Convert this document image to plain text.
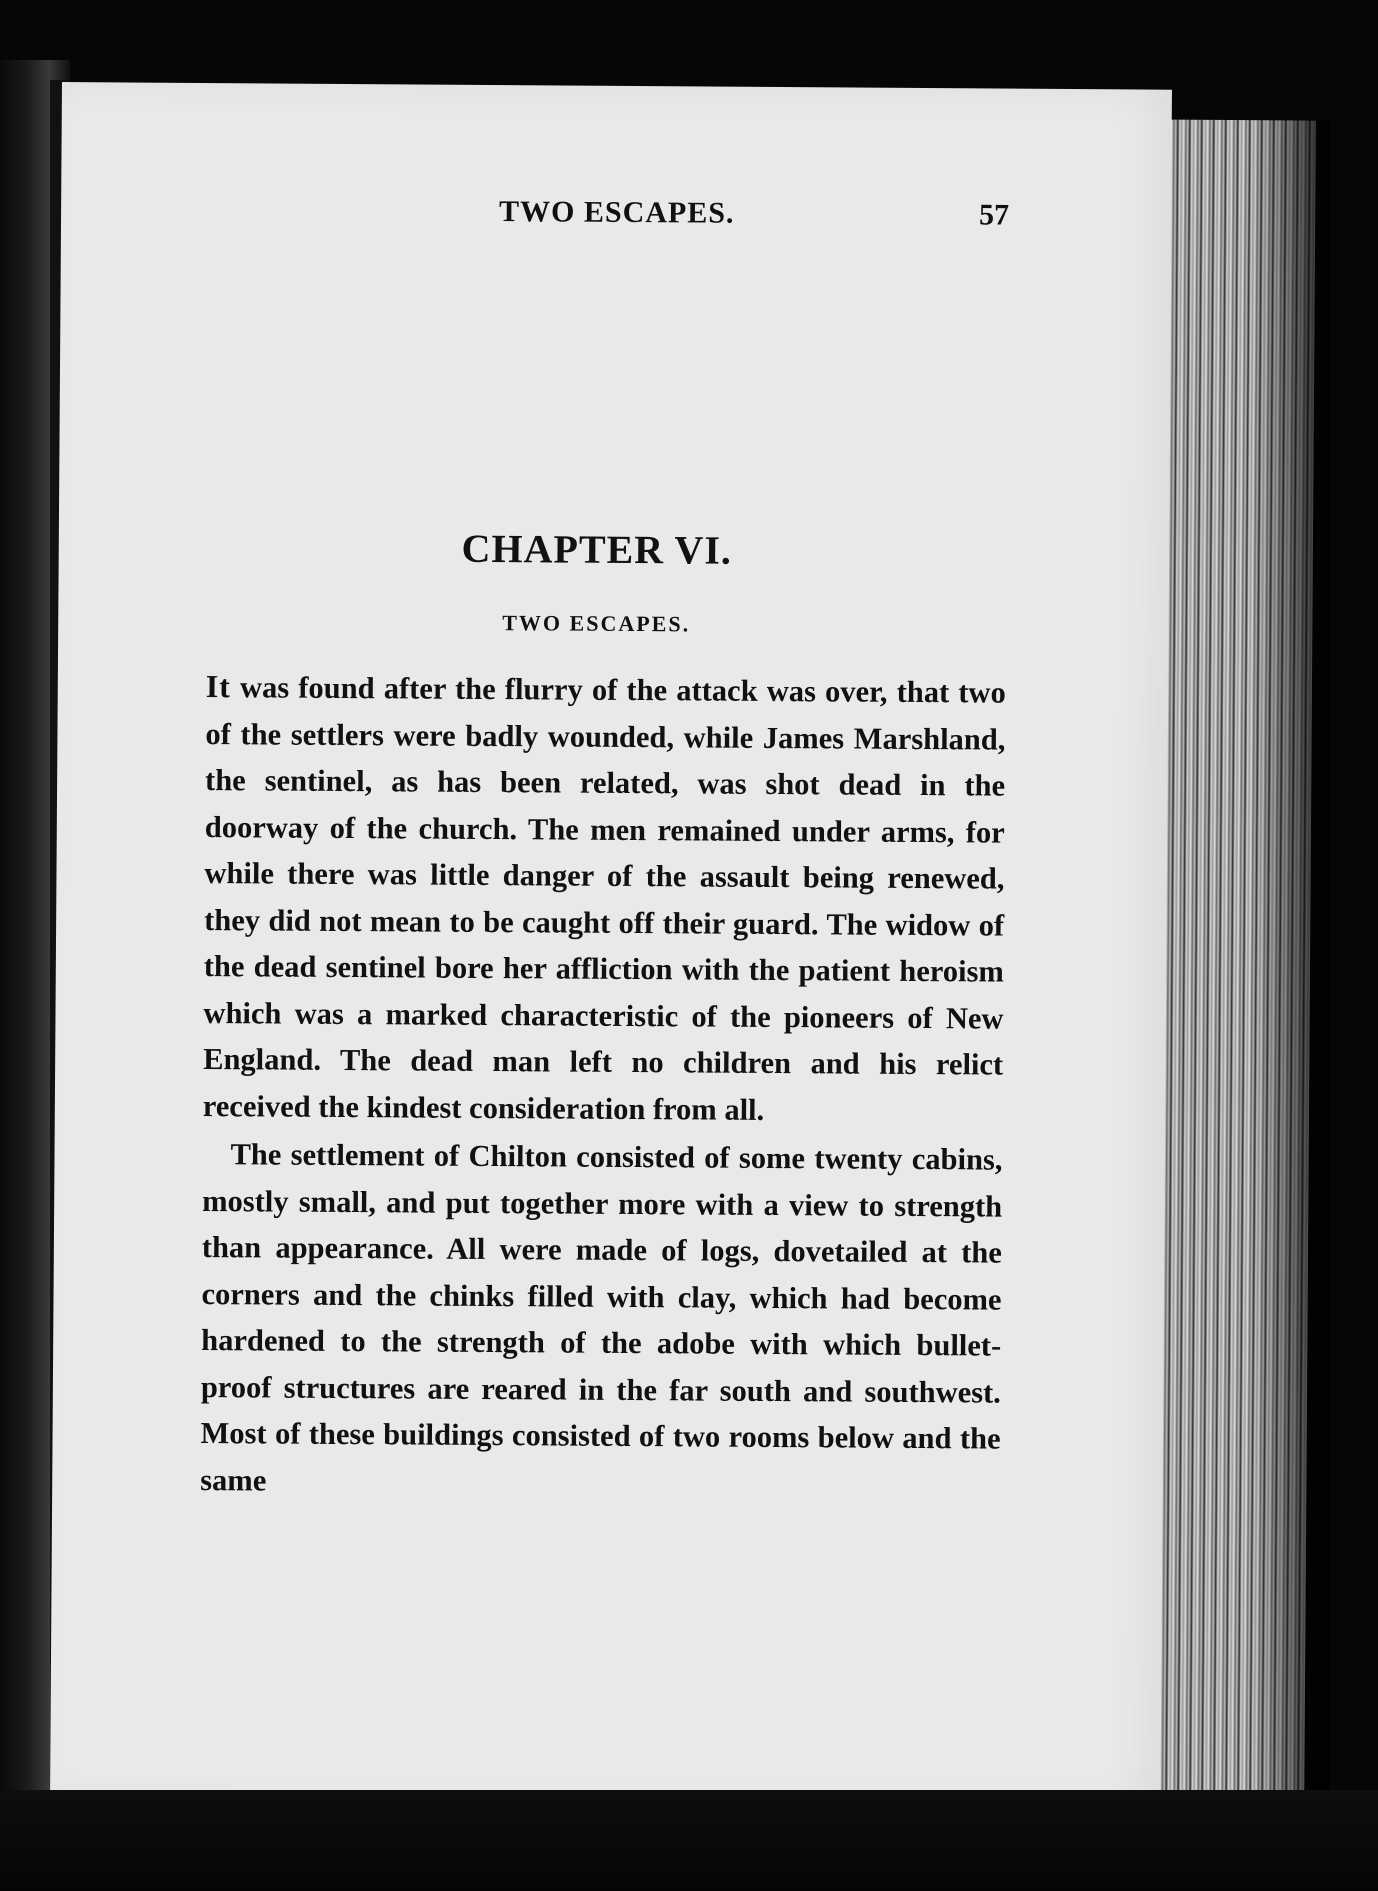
TWO ESCAPES.	57
CHAPTER VI.
TWO ESCAPES.

It was found after the flurry of the attack was over, that two of the settlers were badly wounded, while James Marshland, the sentinel, as has been related, was shot dead in the doorway of the church. The men remained under arms, for while there was little danger of the assault being renewed, they did not mean to be caught off their guard. The widow of the dead sentinel bore her affliction with the patient heroism which was a marked characteristic of the pioneers of New England. The dead man left no children and his relict received the kindest consideration from all.

The settlement of Chilton consisted of some twenty cabins, mostly small, and put together more with a view to strength than appearance. All were made of logs, dovetailed at the corners and the chinks filled with clay, which had become hardened to the strength of the adobe with which bullet-proof structures are reared in the far south and southwest. Most of these buildings consisted of two rooms below and the same
